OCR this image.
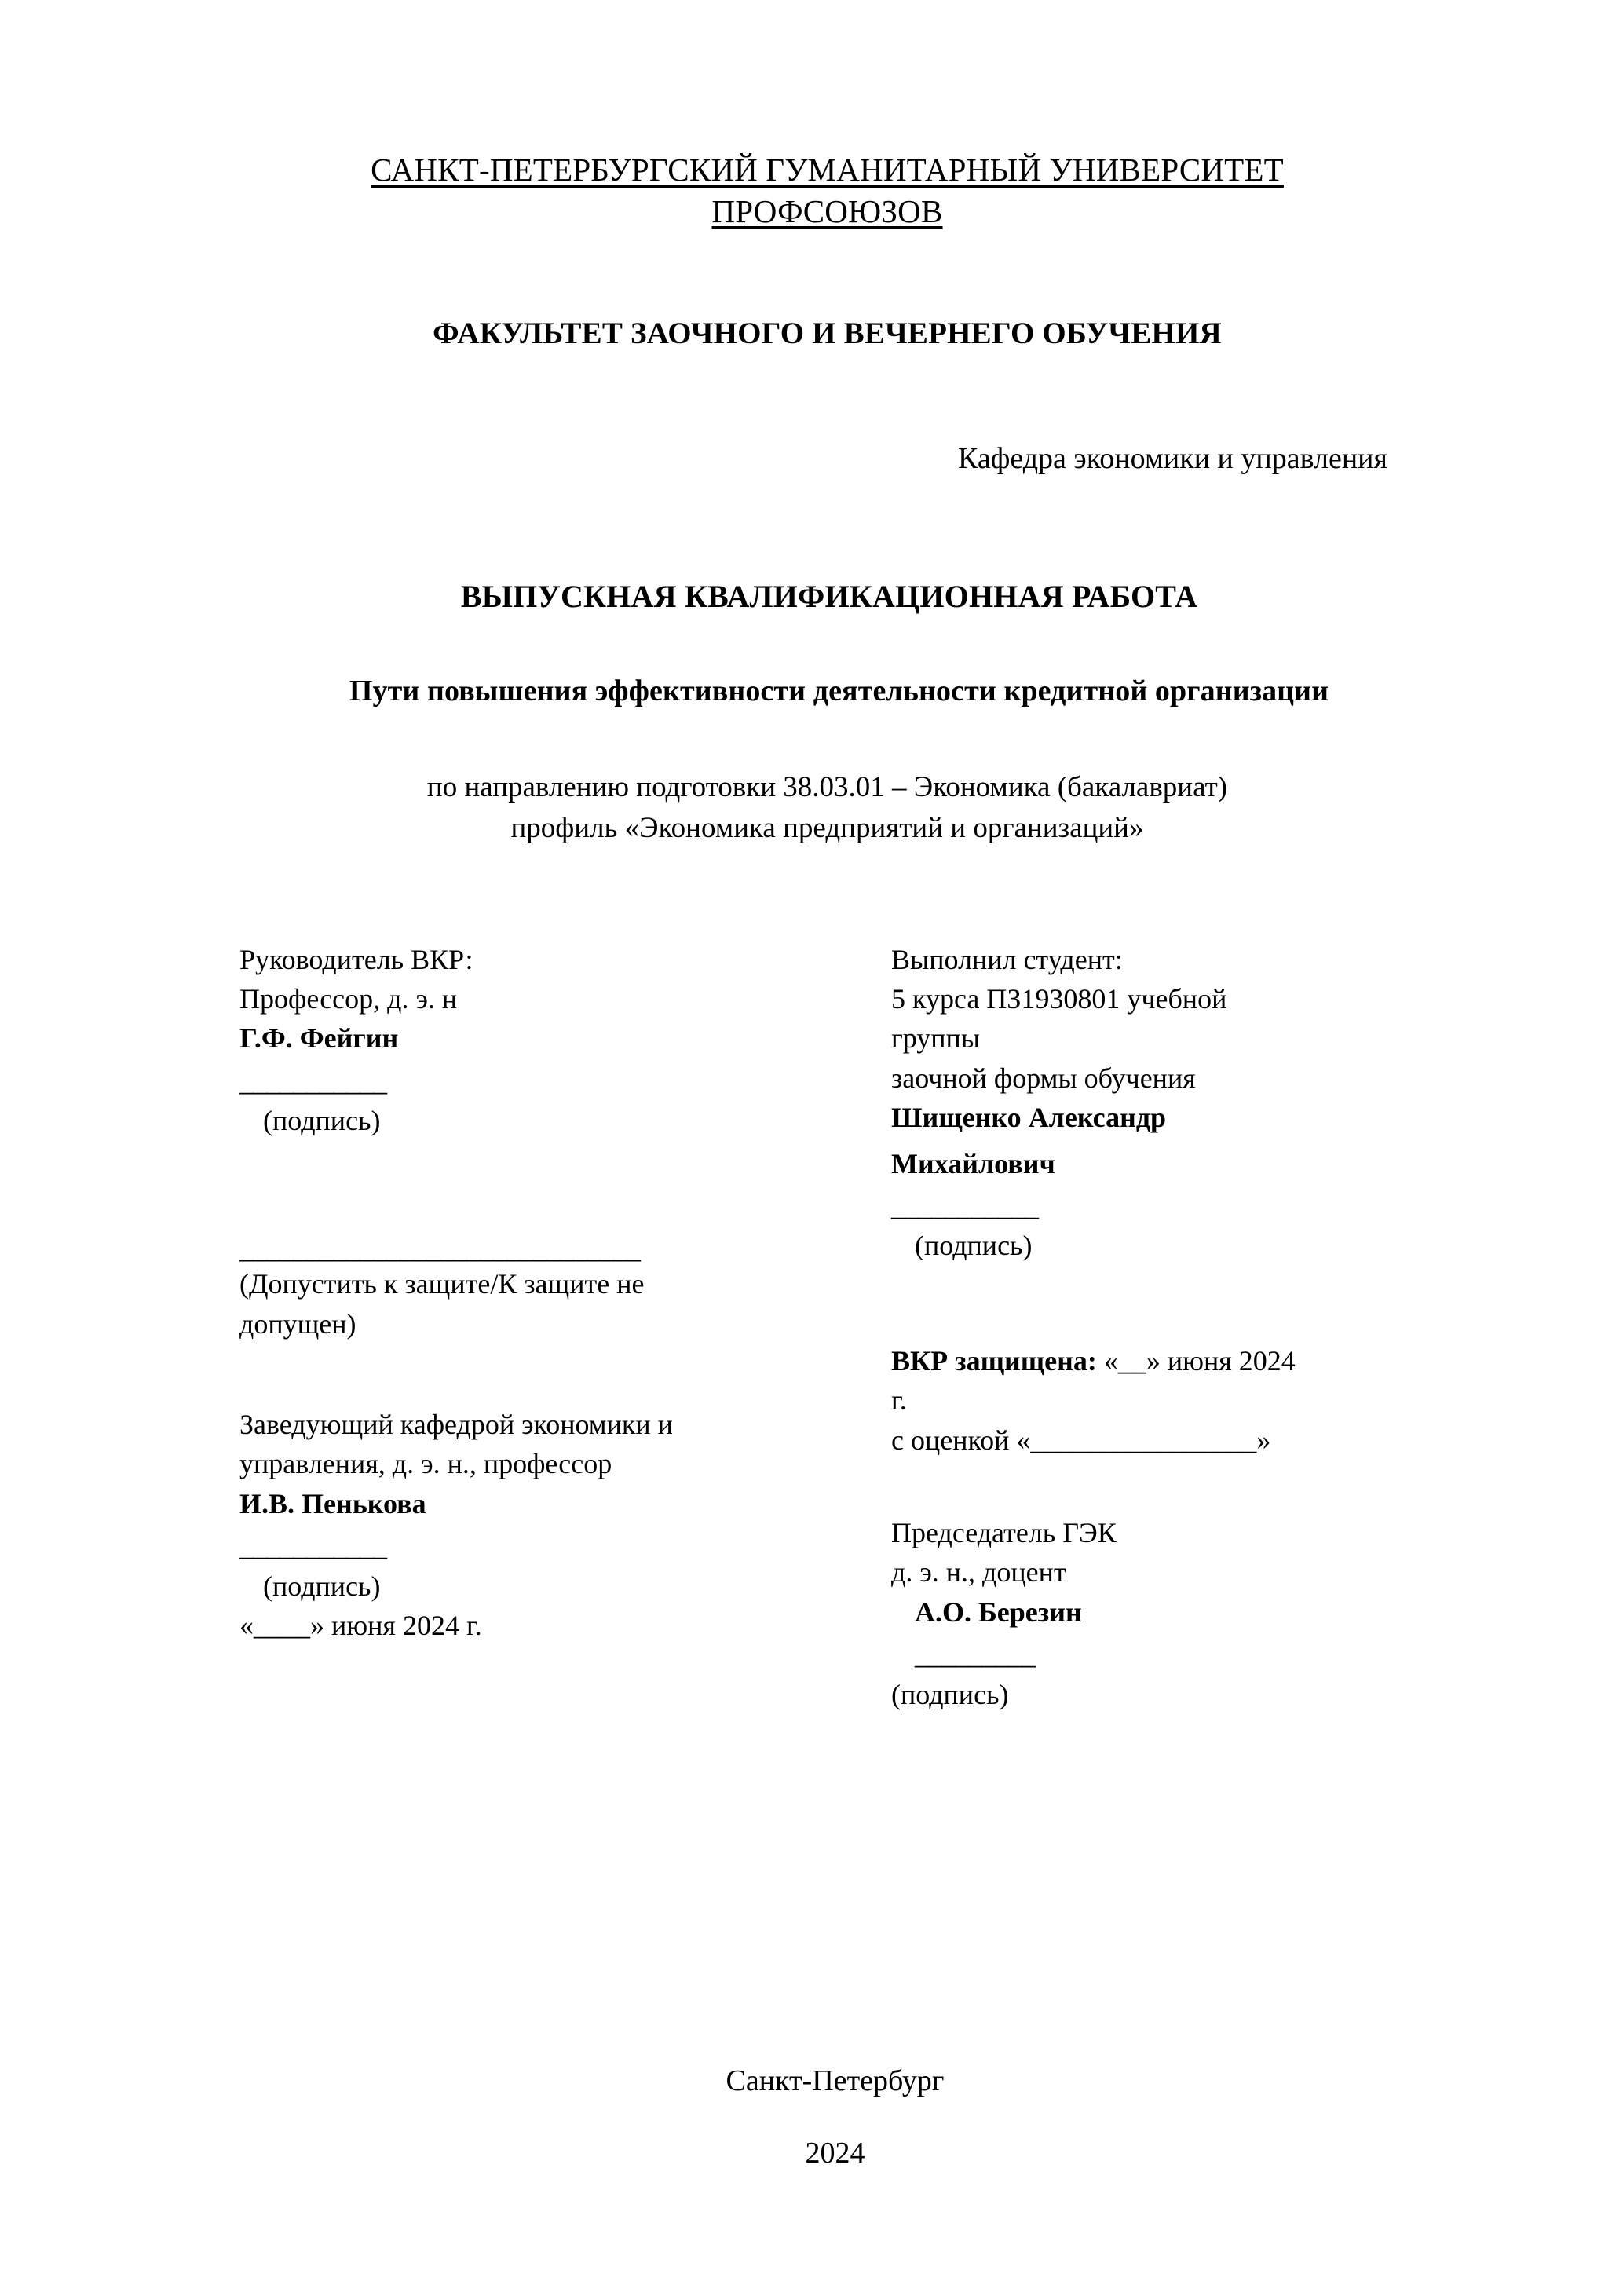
САНКТ-ПЕТЕРБУРГСКИЙ ГУМАНИТАРНЫЙ УНИВЕРСИТЕТ
ПРОФСОЮЗОВ
ФАКУЛЬТЕТ ЗАОЧНОГО И ВЕЧЕРНЕГО ОБУЧЕНИЯ
Кафедра экономики и управления
ВЫПУСКНАЯ КВАЛИФИКАЦИОННАЯ РАБОТА
Пути повышения эффективности деятельности кредитной организации
по направлению подготовки 38.03.01 – Экономика (бакалавриат)
профиль «Экономика предприятий и организаций»
Руководитель ВКР:
Профессор, д. э. н
Г.Ф. Фейгин
___________
(подпись)
______________________________
(Допустить к защите/К защите не
допущен)
Заведующий кафедрой экономики и
управления, д. э. н., профессор
И.В. Пенькова
___________
(подпись)
«____» июня 2024 г.
Выполнил студент:
5 курса ПЗ1930801 учебной
группы
заочной формы обучения
Шищенко Александр
Михайлович
___________
(подпись)
ВКР защищена: «__» июня 2024
г.
с оценкой «________________»
Председатель ГЭК
д. э. н., доцент
А.О. Березин
_________
(подпись)
Санкт-Петербург
2024
